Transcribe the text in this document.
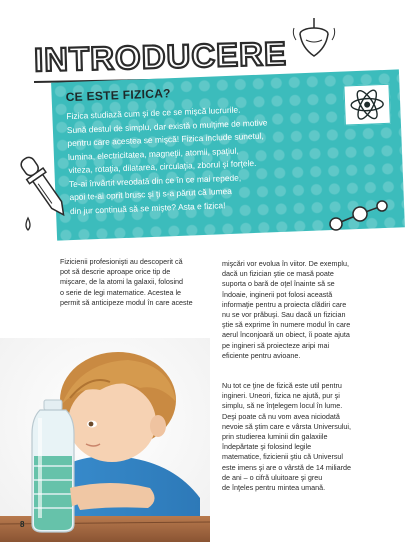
INTRODUCERE
CE ESTE FIZICA?
Fizica studiază cum şi de ce se mişcă lucrurile.
Sună destul de simplu, dar există o mulţime de motive
pentru care acestea se mişcă! Fizica include sunetul,
lumina, electricitatea, magneţii, atomii, spaţiul,
viteza, rotaţia, dilatarea, circulaţia, zborul şi forţele.
Te-ai învârtit vreodată din ce în ce mai repede,
apoi te-ai oprit brusc şi ţi s-a părut că lumea
din jur continuă să se mişte? Asta e fizica!
Fizicienii profesionişti au descoperit că
pot să descrie aproape orice tip de
mişcare, de la atomi la galaxii, folosind
o serie de legi matematice. Acestea le
permit să anticipeze modul în care aceste
mişcări vor evolua în viitor. De exemplu,
dacă un fizician ştie ce masă poate
suporta o bară de oţel înainte să se
îndoaie, inginerii pot folosi această
informaţie pentru a proiecta clădiri care
nu se vor prăbuşi. Sau dacă un fizician
ştie să exprime în numere modul în care
aerul înconjoară un obiect, îi poate ajuta
pe ingineri să proiecteze aripi mai
eficiente pentru avioane.
Nu tot ce ţine de fizică este util pentru
ingineri. Uneori, fizica ne ajută, pur şi
simplu, să ne înţelegem locul în lume.
Deşi poate că nu vom avea niciodată
nevoie să ştim care e vârsta Universului,
prin studierea luminii din galaxiile
îndepărtate şi folosind legile
matematice, fizicienii ştiu că Universul
este imens şi are o vârstă de 14 miliarde
de ani – o cifră uluitoare şi greu
de înţeles pentru mintea umană.
8
